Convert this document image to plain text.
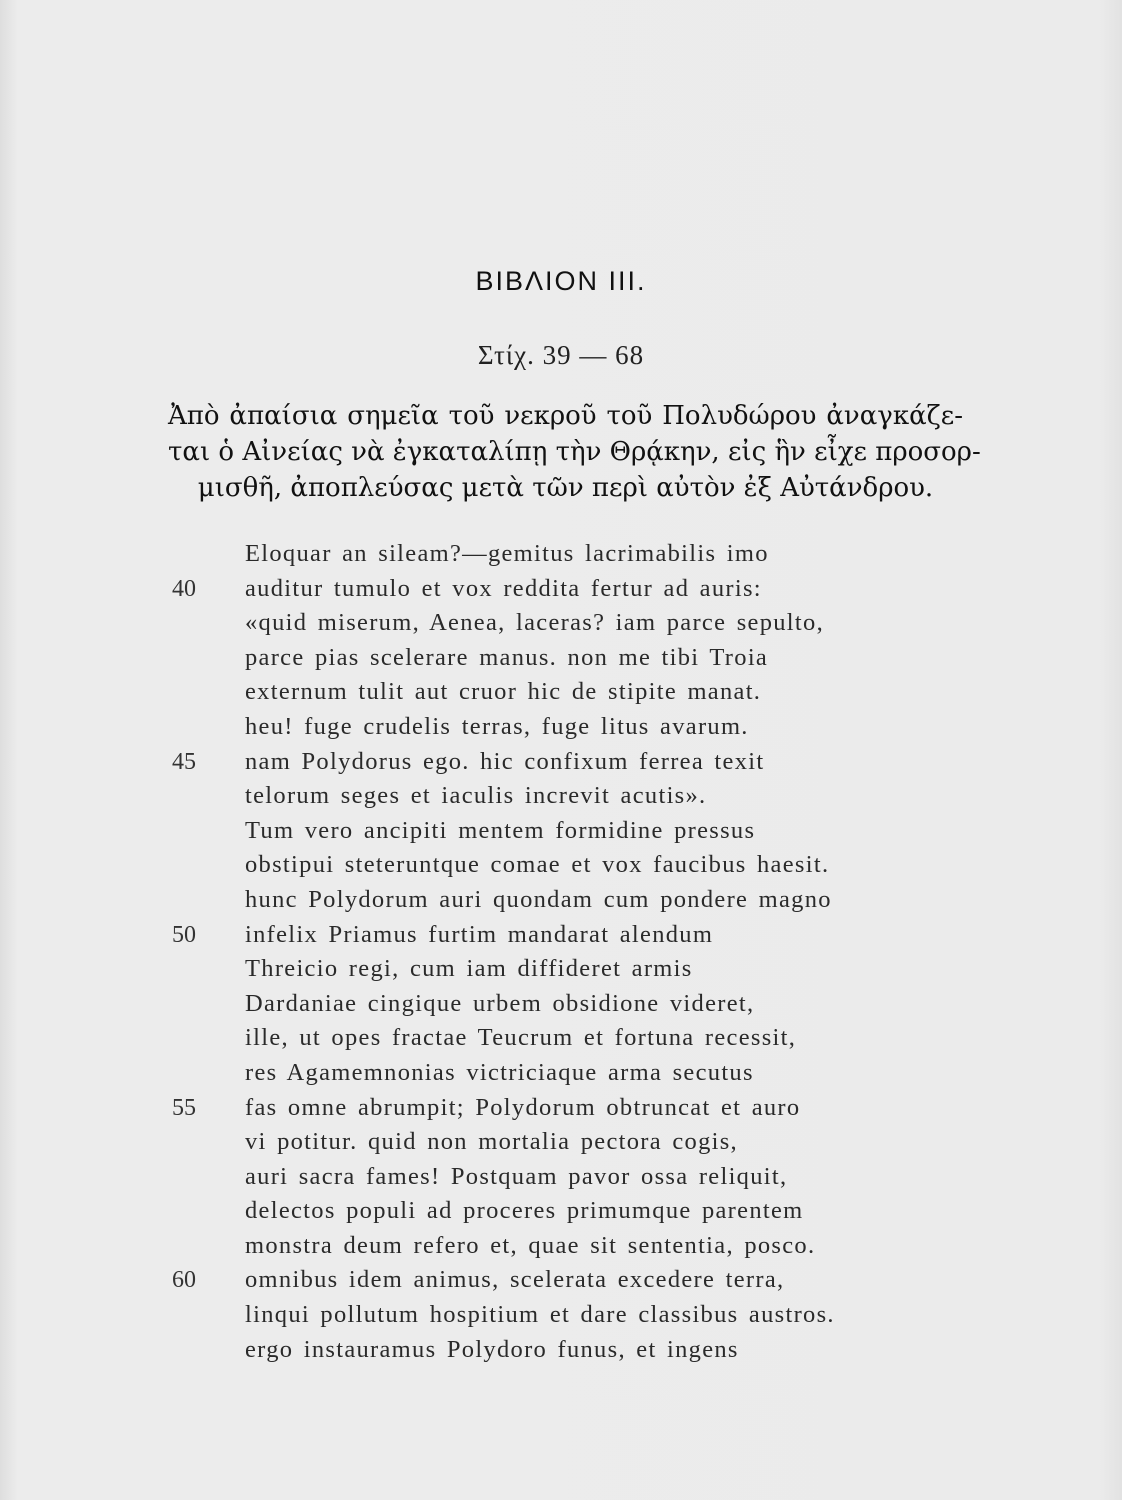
ΒΙΒΛΙΟΝ III.
Στίχ. 39 — 68
Ἀπὸ ἀπαίσια σημεῖα τοῦ νεκροῦ τοῦ Πολυδώρου ἀναγκάζε-
ται ὁ Αἰνείας νὰ ἐγκαταλίπῃ τὴν Θρᾴκην, εἰς ἣν εἶχε προσορ-
μισθῆ, ἀποπλεύσας μετὰ τῶν περὶ αὐτὸν ἐξ Αὐτάνδρου.
Eloquar an sileam?—gemitus lacrimabilis imo
40 auditur tumulo et vox reddita fertur ad auris:
«quid miserum, Aenea, laceras? iam parce sepulto,
parce pias scelerare manus. non me tibi Troia
externum tulit aut cruor hic de stipite manat.
heu! fuge crudelis terras, fuge litus avarum.
45 nam Polydorus ego. hic confixum ferrea texit
telorum seges et iaculis increvit acutis».
Tum vero ancipiti mentem formidine pressus
obstipui steteruntque comae et vox faucibus haesit.
hunc Polydorum auri quondam cum pondere magno
50 infelix Priamus furtim mandarat alendum
Threicio regi, cum iam diffideret armis
Dardaniae cingique urbem obsidione videret,
ille, ut opes fractae Teucrum et fortuna recessit,
res Agamemnonias victriciaque arma secutus
55 fas omne abrumpit; Polydorum obtruncat et auro
vi potitur. quid non mortalia pectora cogis,
auri sacra fames! Postquam pavor ossa reliquit,
delectos populi ad proceres primumque parentem
monstra deum refero et, quae sit sententia, posco.
60 omnibus idem animus, scelerata excedere terra,
linqui pollutum hospitium et dare classibus austros.
ergo instauramus Polydoro funus, et ingens
